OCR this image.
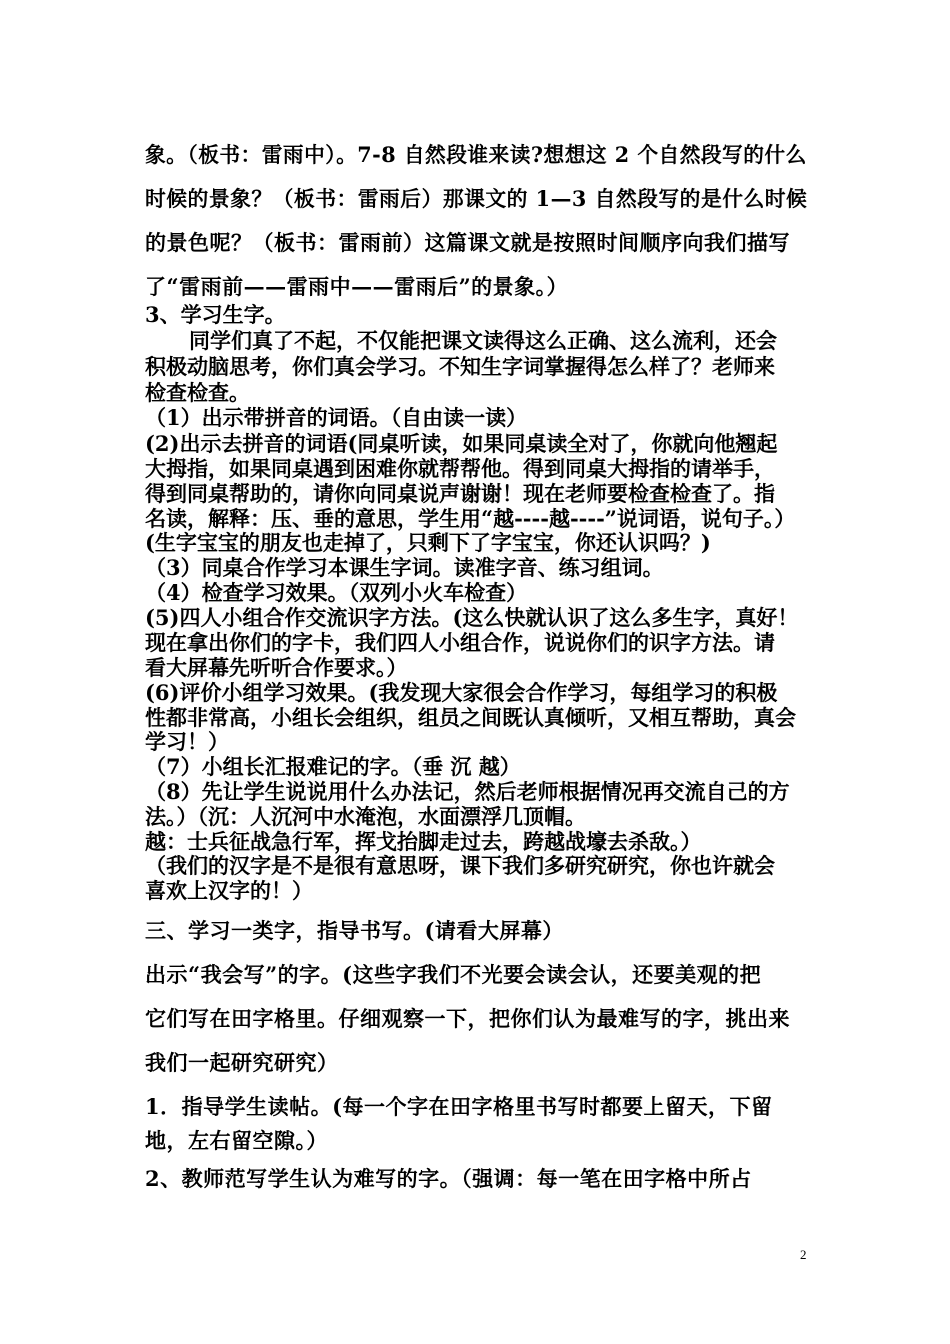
象。（板书：雷雨中）。7-8 自然段谁来读?想想这 2 个自然段写的什么
时候的景象？（板书：雷雨后）那课文的 1—3 自然段写的是什么时候
的景色呢？（板书：雷雨前）这篇课文就是按照时间顺序向我们描写
了“雷雨前——雷雨中——雷雨后”的景象。）
3、学习生字。
同学们真了不起，不仅能把课文读得这么正确、这么流利，还会
积极动脑思考，你们真会学习。不知生字词掌握得怎么样了？老师来
检查检查。
（1）出示带拼音的词语。（自由读一读）
(2)出示去拼音的词语(同桌听读，如果同桌读全对了，你就向他翘起
大拇指，如果同桌遇到困难你就帮帮他。得到同桌大拇指的请举手，
得到同桌帮助的，请你向同桌说声谢谢！现在老师要检查检查了。指
名读，解释：压、垂的意思，学生用“越----越----”说词语，说句子。）
(生字宝宝的朋友也走掉了，只剩下了字宝宝，你还认识吗？)
（3）同桌合作学习本课生字词。读准字音、练习组词。
（4）检查学习效果。（双列小火车检查）
(5)四人小组合作交流识字方法。(这么快就认识了这么多生字，真好！
现在拿出你们的字卡，我们四人小组合作，说说你们的识字方法。请
看大屏幕先听听合作要求。）
(6)评价小组学习效果。(我发现大家很会合作学习，每组学习的积极
性都非常高，小组长会组织，组员之间既认真倾听，又相互帮助，真会
学习！）
（7）小组长汇报难记的字。（垂 沉 越）
（8）先让学生说说用什么办法记，然后老师根据情况再交流自己的方
法。）（沉：人沉河中水淹泡，水面漂浮几顶帽。
越：士兵征战急行军，挥戈抬脚走过去，跨越战壕去杀敌。）
（我们的汉字是不是很有意思呀，课下我们多研究研究，你也许就会
喜欢上汉字的！）
三、学习一类字，指导书写。(请看大屏幕）
出示“我会写”的字。(这些字我们不光要会读会认，还要美观的把
它们写在田字格里。仔细观察一下，把你们认为最难写的字，挑出来
我们一起研究研究）
1．指导学生读帖。(每一个字在田字格里书写时都要上留天，下留
地，左右留空隙。）
2、教师范写学生认为难写的字。（强调：每一笔在田字格中所占
2
